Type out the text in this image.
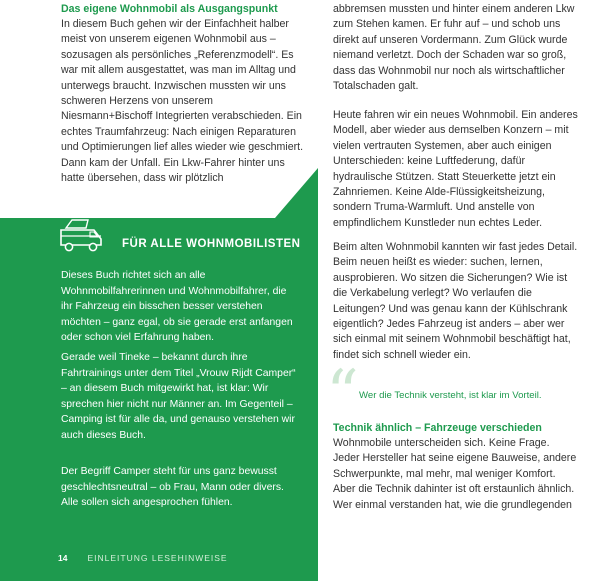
Das eigene Wohnmobil als Ausgangspunkt

In diesem Buch gehen wir der Einfachheit halber meist von unserem eigenen Wohnmobil aus – sozusagen als persönliches „Referenzmodell“. Es war mit allem ausgestattet, was man im Alltag und unterwegs braucht. Inzwischen mussten wir uns schweren Herzens von unserem Niesmann+Bischoff Integrierten verabschieden. Ein echtes Traumfahrzeug: Nach einigen Reparaturen und Optimierungen lief alles wieder wie geschmiert. Dann kam der Unfall. Ein Lkw-Fahrer hinter uns hatte übersehen, dass wir plötzlich

FÜR ALLE WOHNMOBILISTEN

Dieses Buch richtet sich an alle Wohnmobilfahrerinnen und Wohnmobilfahrer, die ihr Fahrzeug ein bisschen besser verstehen möchten – ganz egal, ob sie gerade erst anfangen oder schon viel Erfahrung haben.

Gerade weil Tineke – bekannt durch ihre Fahrtrainings unter dem Titel „Vrouw Rijdt Camper“ – an diesem Buch mitgewirkt hat, ist klar: Wir sprechen hier nicht nur Männer an. Im Gegenteil – Camping ist für alle da, und genauso verstehen wir auch dieses Buch.

Der Begriff Camper steht für uns ganz bewusst geschlechtsneutral – ob Frau, Mann oder divers. Alle sollen sich angesprochen fühlen.

14 EINLEITUNG LESEHINWEISE

abbremsen mussten und hinter einem anderen Lkw zum Stehen kamen. Er fuhr auf – und schob uns direkt auf unseren Vordermann. Zum Glück wurde niemand verletzt. Doch der Schaden war so groß, dass das Wohnmobil nur noch als wirtschaftlicher Totalschaden galt.

Heute fahren wir ein neues Wohnmobil. Ein anderes Modell, aber wieder aus demselben Konzern – mit vielen vertrauten Systemen, aber auch einigen Unterschieden: keine Luftfederung, dafür hydraulische Stützen. Statt Steuerkette jetzt ein Zahnriemen. Keine Alde-Flüssigkeitsheizung, sondern Truma-Warmluft. Und anstelle von empfindlichem Kunstleder nun echtes Leder.

Beim alten Wohnmobil kannten wir fast jedes Detail. Beim neuen heißt es wieder: suchen, lernen, ausprobieren. Wo sitzen die Sicherungen? Wie ist die Verkabelung verlegt? Wo verlaufen die Leitungen? Und was genau kann der Kühlschrank eigentlich? Jedes Fahrzeug ist anders – aber wer sich einmal mit seinem Wohnmobil beschäftigt hat, findet sich schnell wieder ein.

“ Wer die Technik versteht, ist klar im Vorteil.
Technik ähnlich – Fahrzeuge verschieden

Wohnmobile unterscheiden sich. Keine Frage. Jeder Hersteller hat seine eigene Bauweise, andere Schwerpunkte, mal mehr, mal weniger Komfort. Aber die Technik dahinter ist oft erstaunlich ähnlich. Wer einmal verstanden hat, wie die grundlegenden
